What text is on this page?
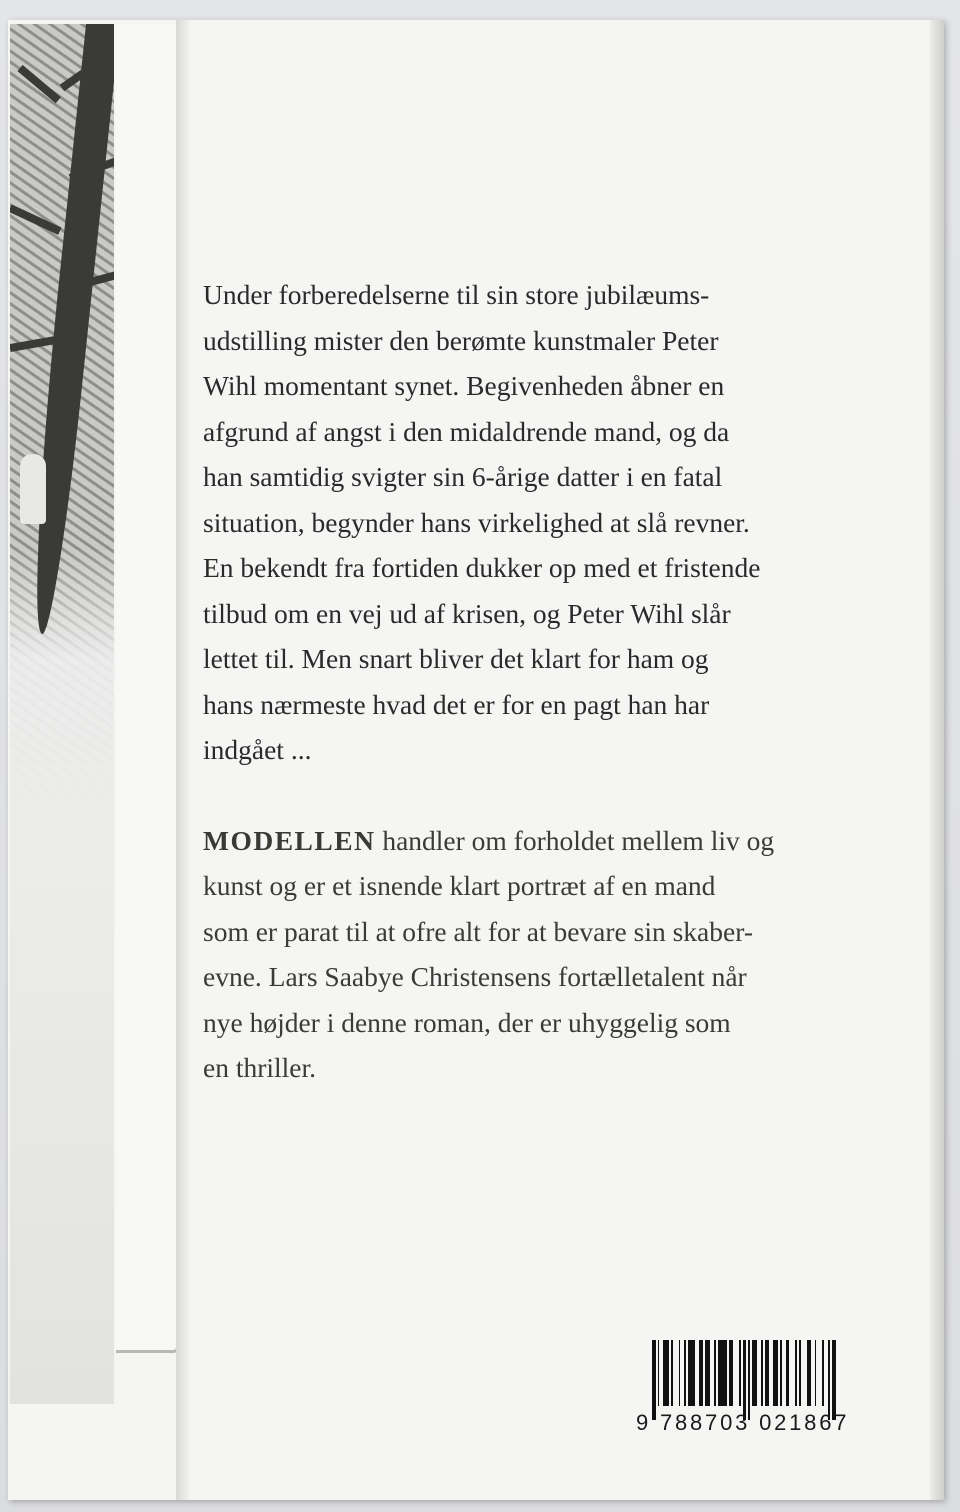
Under forberedelserne til sin store jubilæums-
udstilling mister den berømte kunstmaler Peter
Wihl momentant synet. Begivenheden åbner en
afgrund af angst i den midaldrende mand, og da
han samtidig svigter sin 6-årige datter i en fatal
situation, begynder hans virkelighed at slå revner.
En bekendt fra fortiden dukker op med et fristende
tilbud om en vej ud af krisen, og Peter Wihl slår
lettet til. Men snart bliver det klart for ham og
hans nærmeste hvad det er for en pagt han har
indgået ...

MODELLEN handler om forholdet mellem liv og
kunst og er et isnende klart portræt af en mand
som er parat til at ofre alt for at bevare sin skaber-
evne. Lars Saabye Christensens fortælletalent når
nye højder i denne roman, der er uhyggelig som
en thriller.

9 788703 021867
